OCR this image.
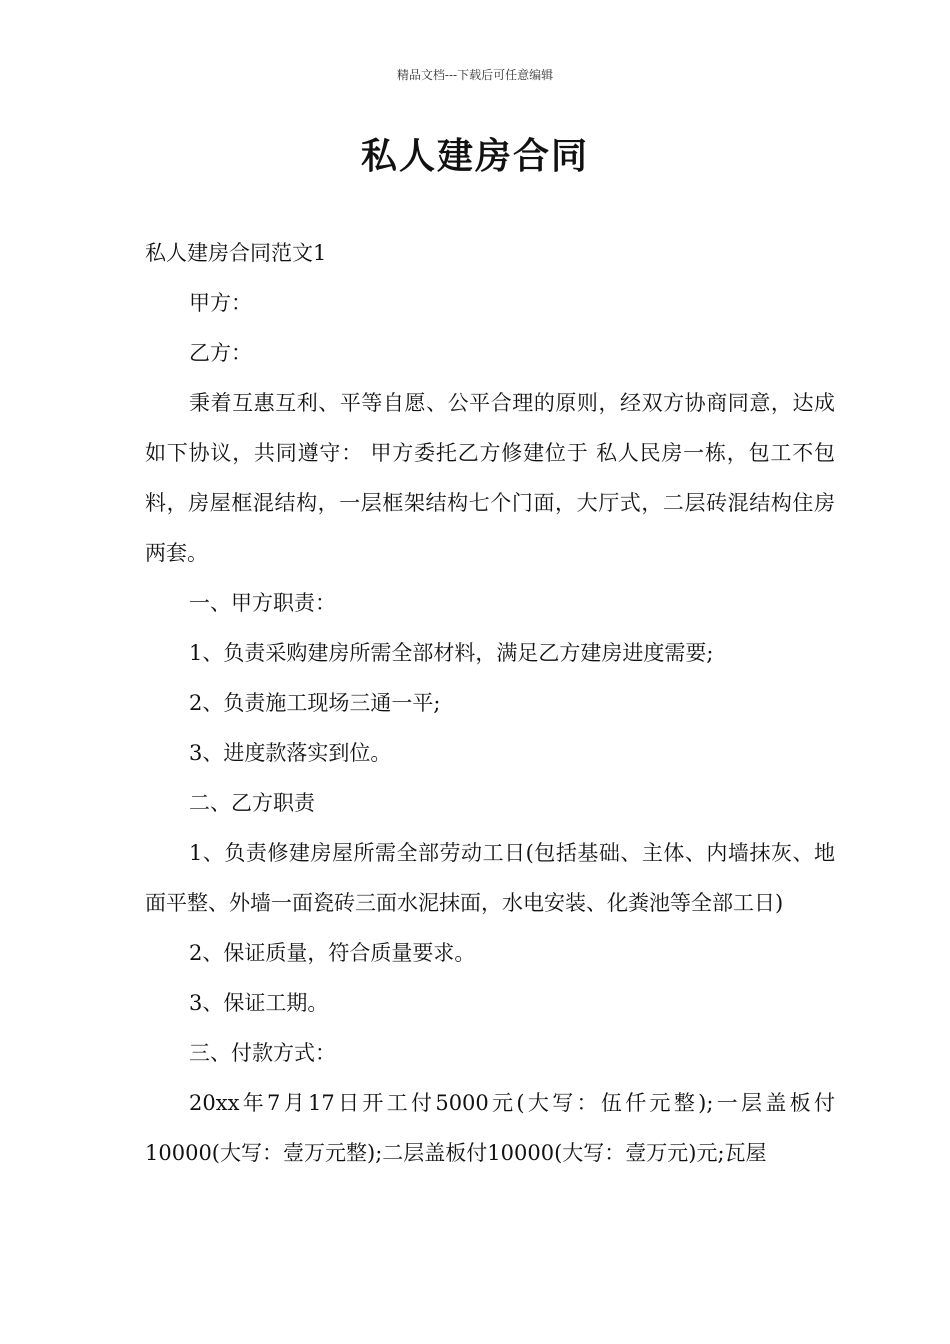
精品文档---下载后可任意编辑
私人建房合同

私人建房合同范文1

甲方：

乙方：

秉着互惠互利、平等自愿、公平合理的原则，经双方协商同意，达成如下协议，共同遵守： 甲方委托乙方修建位于 私人民房一栋，包工不包料，房屋框混结构，一层框架结构七个门面，大厅式，二层砖混结构住房两套。

一、甲方职责：

1、负责采购建房所需全部材料，满足乙方建房进度需要;

2、负责施工现场三通一平;

3、进度款落实到位。

二、乙方职责

1、负责修建房屋所需全部劳动工日(包括基础、主体、内墙抹灰、地面平整、外墙一面瓷砖三面水泥抹面，水电安装、化粪池等全部工日)

2、保证质量，符合质量要求。

3、保证工期。

三、付款方式：

20xx年7月17日开工付5000元(大写：伍仟元整);一层盖板付10000(大写：壹万元整);二层盖板付10000(大写：壹万元)元;瓦屋
